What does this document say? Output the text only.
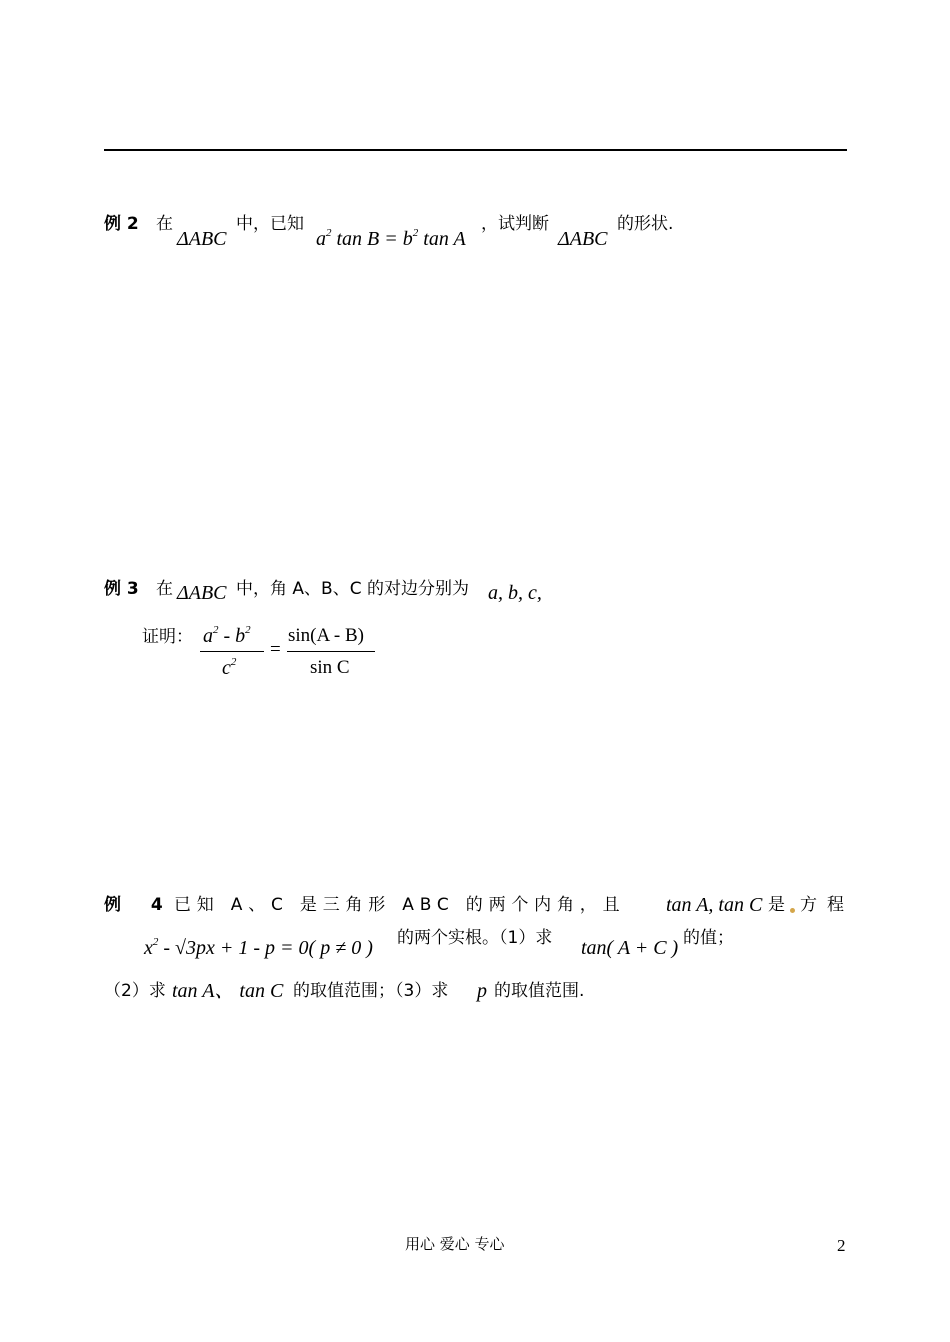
例 2 在
ΔABC
中，已知
$a^2$ $\tan B = b^2$ tan A
，试判断
ΔABC
的形状.
例 3 在 ΔABC 中，角 A、B、C 的对边分别为 a, b, c,
证明： $a^2 - b^2$
$c^2$
=
sin(A - B)
sin C
例 4 已知 A、C 是三角形 ABC 的两个内角，且 tan A, tan C 是 方程
$x^2 - √3px + 1 - p = 0$( p ≠ 0 ) 的两个实根。（1）求 tan( A + C ) 的值；
（2）求 tan A、 tan C 的取值范围；（3）求 p 的取值范围.
用心 爱心 专心	2
